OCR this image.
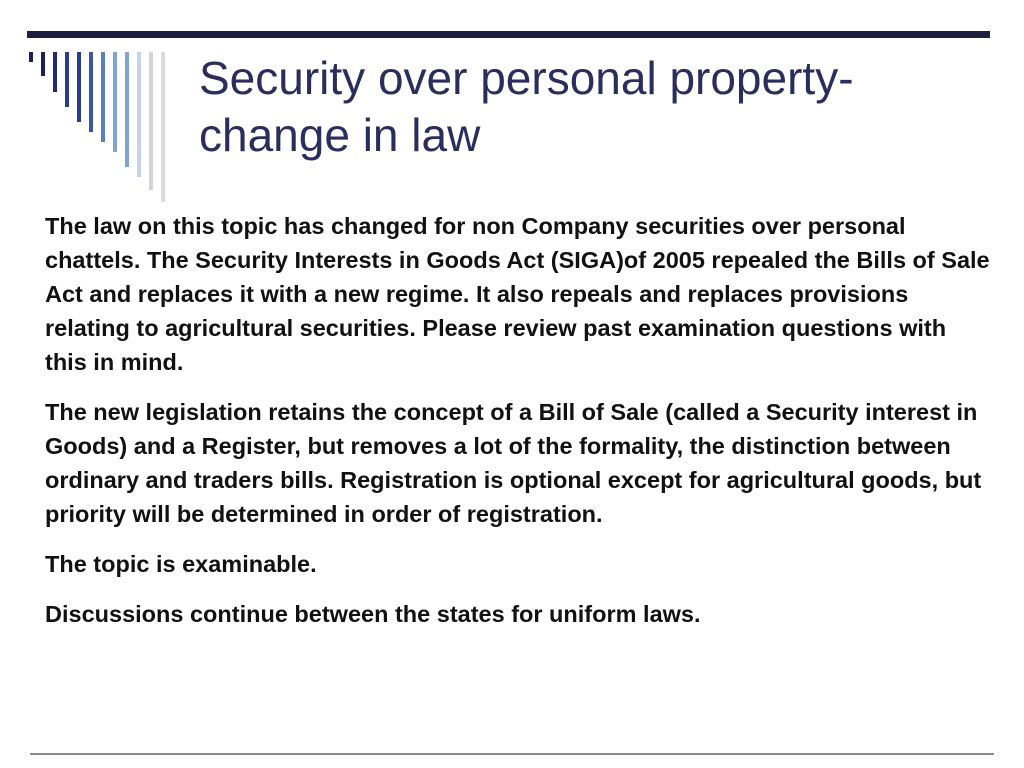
Security over personal property-
change in law

The law on this topic has changed for non Company securities over personal chattels. The Security Interests in Goods Act (SIGA)of 2005 repealed the Bills of Sale Act and replaces it with a new regime. It also repeals and replaces provisions relating to agricultural securities. Please review past examination questions with this in mind.

The new legislation retains the concept of a Bill of Sale (called a Security interest in Goods) and a Register, but removes a lot of the formality, the distinction between ordinary and traders bills. Registration is optional except for agricultural goods, but priority will be determined in order of registration.

The topic is examinable.

Discussions continue between the states for uniform laws.
